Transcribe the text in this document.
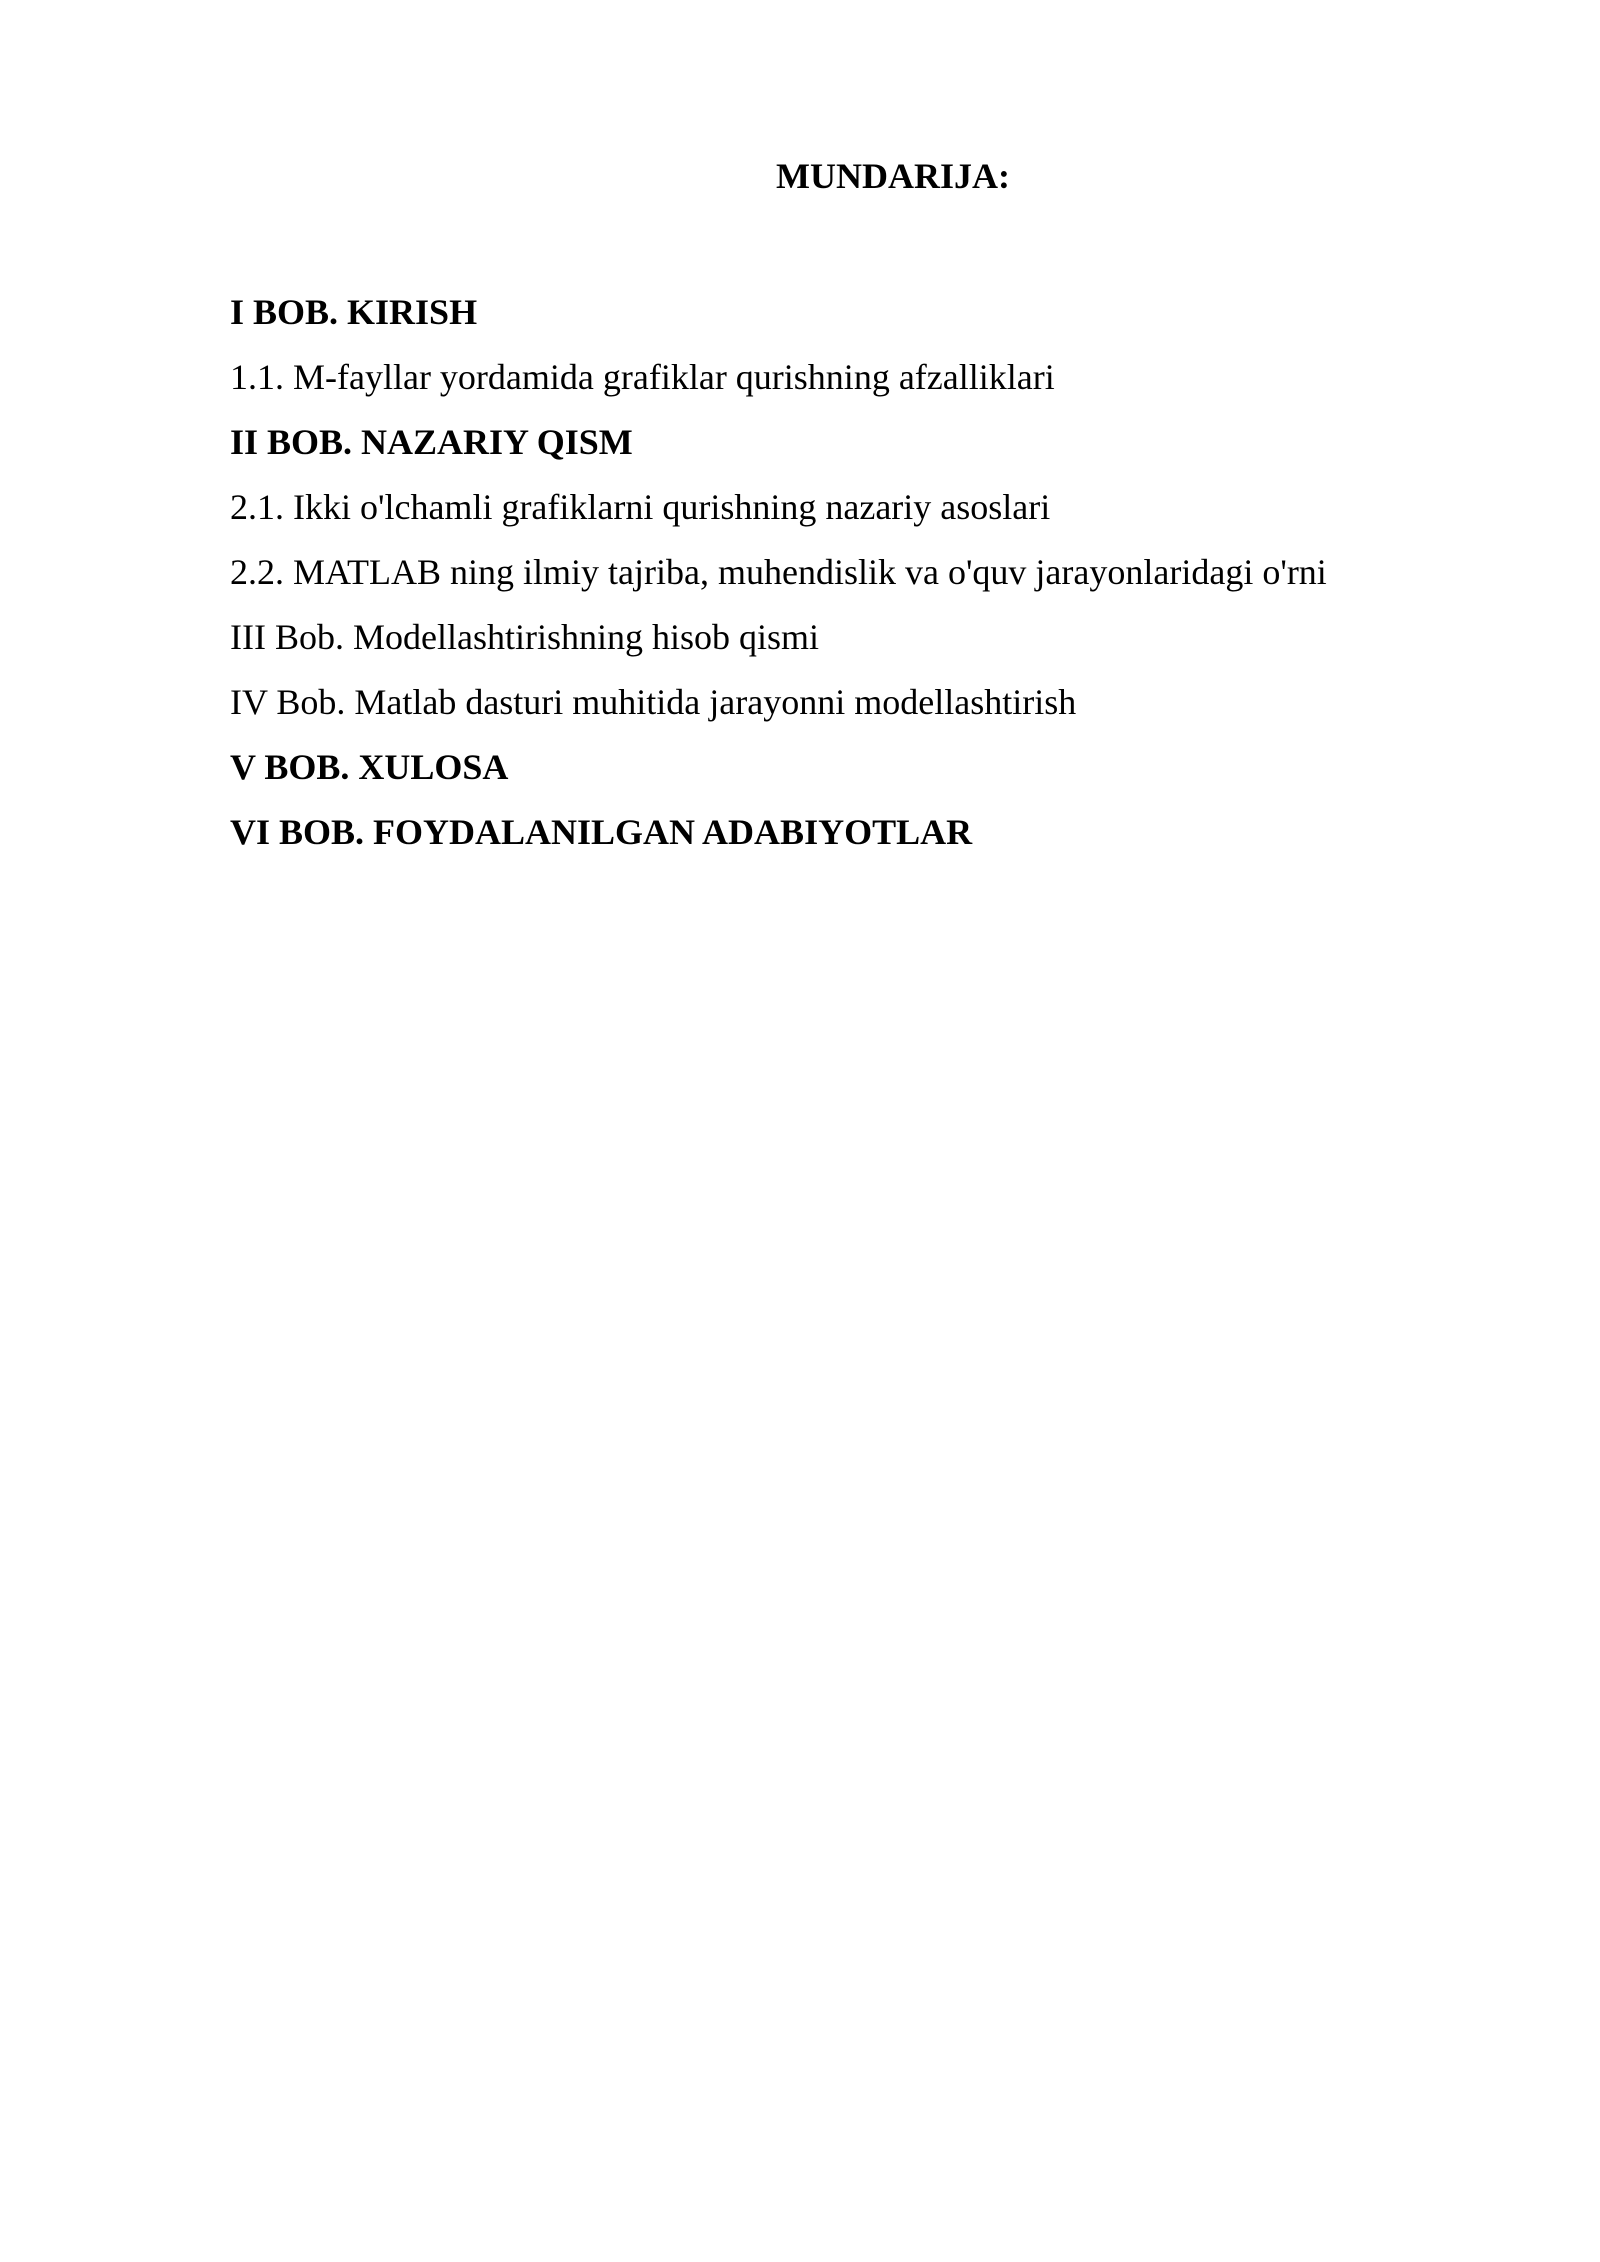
MUNDARIJA:
I BOB. KIRISH
1.1. M-fayllar yordamida grafiklar qurishning afzalliklari
II BOB. NAZARIY QISM
2.1. Ikki o'lchamli grafiklarni qurishning nazariy asoslari
2.2. MATLAB ning ilmiy tajriba, muhendislik va o'quv jarayonlaridagi o'rni
III Bob. Modellashtirishning hisob qismi
IV Bob. Matlab dasturi muhitida jarayonni modellashtirish
V BOB. XULOSA
VI BOB. FOYDALANILGAN ADABIYOTLAR
